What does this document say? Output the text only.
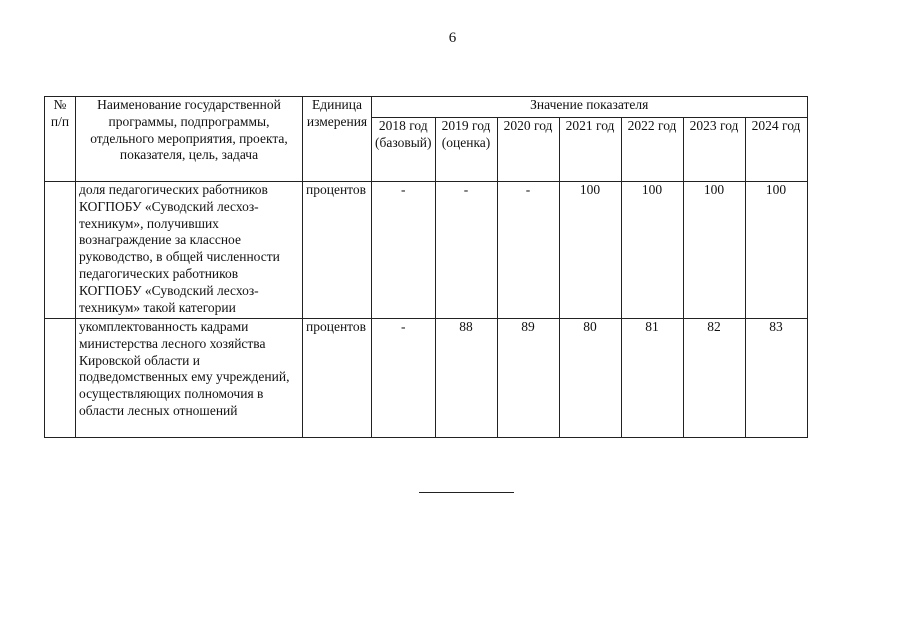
6
№ п/п	Наименование государственной программы, подпрограммы, отдельного мероприятия, проекта, показателя, цель, задача	Единица измерения	Значение показателя						
			2018 год (базовый)	2019 год (оценка)	2020 год	2021 год	2022 год	2023 год	2024 год
	доля педагогических работников КОГПОБУ «Суводский лесхоз-техникум», получивших вознаграждение за классное руководство, в общей численности педагогических работников КОГПОБУ «Суводский лесхоз-техникум» такой категории	процентов	-	-	-	100	100	100	100
	укомплектованность кадрами министерства лесного хозяйства Кировской области и подведомственных ему учреждений, осуществляющих полномочия в области лесных отношений	процентов	-	88	89	80	81	82	83
